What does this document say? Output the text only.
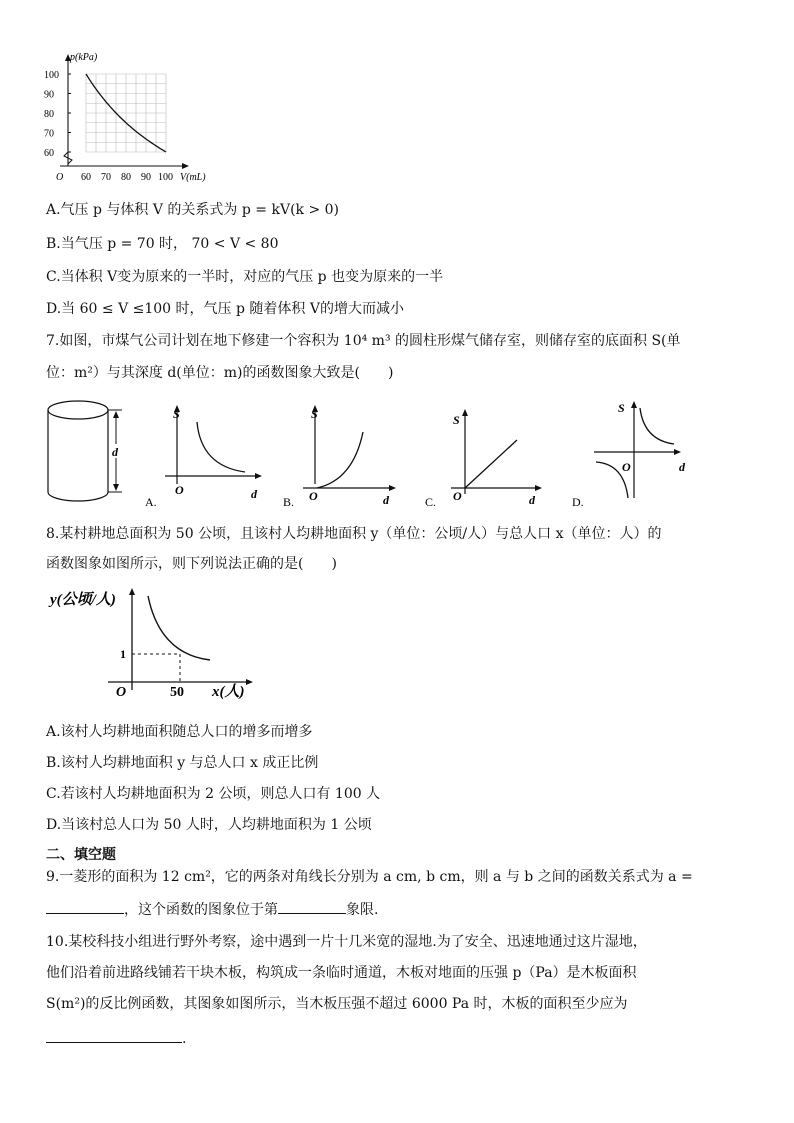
p(kPa)
V(mL)
O
100
90
80
70
60
60 70 80 90 100
A.气压 p 与体积 V 的关系式为 p = kV(k > 0)
B.当气压 p = 70 时， 70 < V < 80
C.当体积 V变为原来的一半时，对应的气压 p 也变为原来的一半
D.当 60 ≤ V ≤100 时，气压 p 随着体积 V的增大而减小
7.如图，市煤气公司计划在地下修建一个容积为 10⁴ m³ 的圆柱形煤气储存室，则储存室的底面积 S(单
位：m²）与其深度 d(单位：m)的函数图象大致是(　　)
d
S
O	d
A.
S
O	d
B.
S
O	d
C.
S
O	d
D.
8.某村耕地总面积为 50 公顷，且该村人均耕地面积 y（单位：公顷/人）与总人口 x（单位：人）的
函数图象如图所示，则下列说法正确的是(　　)
y(公顷/人)
1
O	50 x(人)
A.该村人均耕地面积随总人口的增多而增多
B.该村人均耕地面积 y 与总人口 x 成正比例
C.若该村人均耕地面积为 2 公顷，则总人口有 100 人
D.当该村总人口为 50 人时，人均耕地面积为 1 公顷
二、填空题
9.一菱形的面积为 12 cm²，它的两条对角线长分别为 a cm, b cm，则 a 与 b 之间的函数关系式为 a =
，这个函数的图象位于第	象限.
10.某校科技小组进行野外考察，途中遇到一片十几米宽的湿地.为了安全、迅速地通过这片湿地，
他们沿着前进路线铺若干块木板，构筑成一条临时通道，木板对地面的压强 p（Pa）是木板面积
S(m²)的反比例函数，其图象如图所示，当木板压强不超过 6000 Pa 时，木板的面积至少应为
.
